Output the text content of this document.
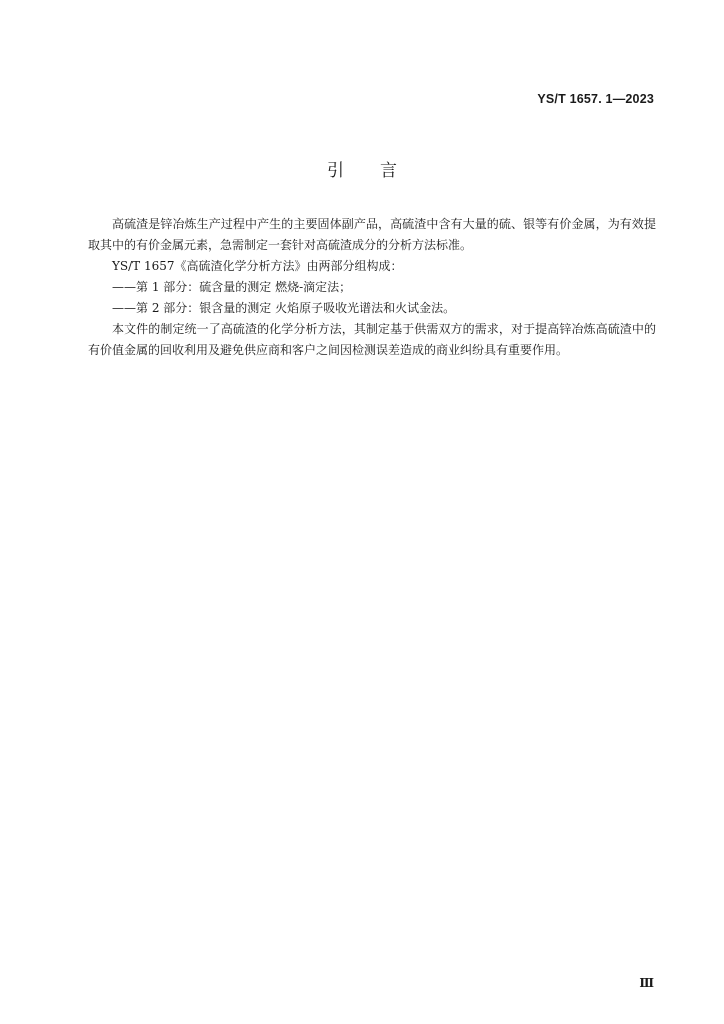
YS/T 1657. 1—2023
引言

高硫渣是锌冶炼生产过程中产生的主要固体副产品，高硫渣中含有大量的硫、银等有价金属，为有效提取其中的有价金属元素，急需制定一套针对高硫渣成分的分析方法标准。

YS/T 1657《高硫渣化学分析方法》由两部分组构成：

——第 1 部分：硫含量的测定 燃烧-滴定法；

——第 2 部分：银含量的测定 火焰原子吸收光谱法和火试金法。

本文件的制定统一了高硫渣的化学分析方法，其制定基于供需双方的需求，对于提高锌冶炼高硫渣中的有价值金属的回收利用及避免供应商和客户之间因检测误差造成的商业纠纷具有重要作用。

Ⅲ
